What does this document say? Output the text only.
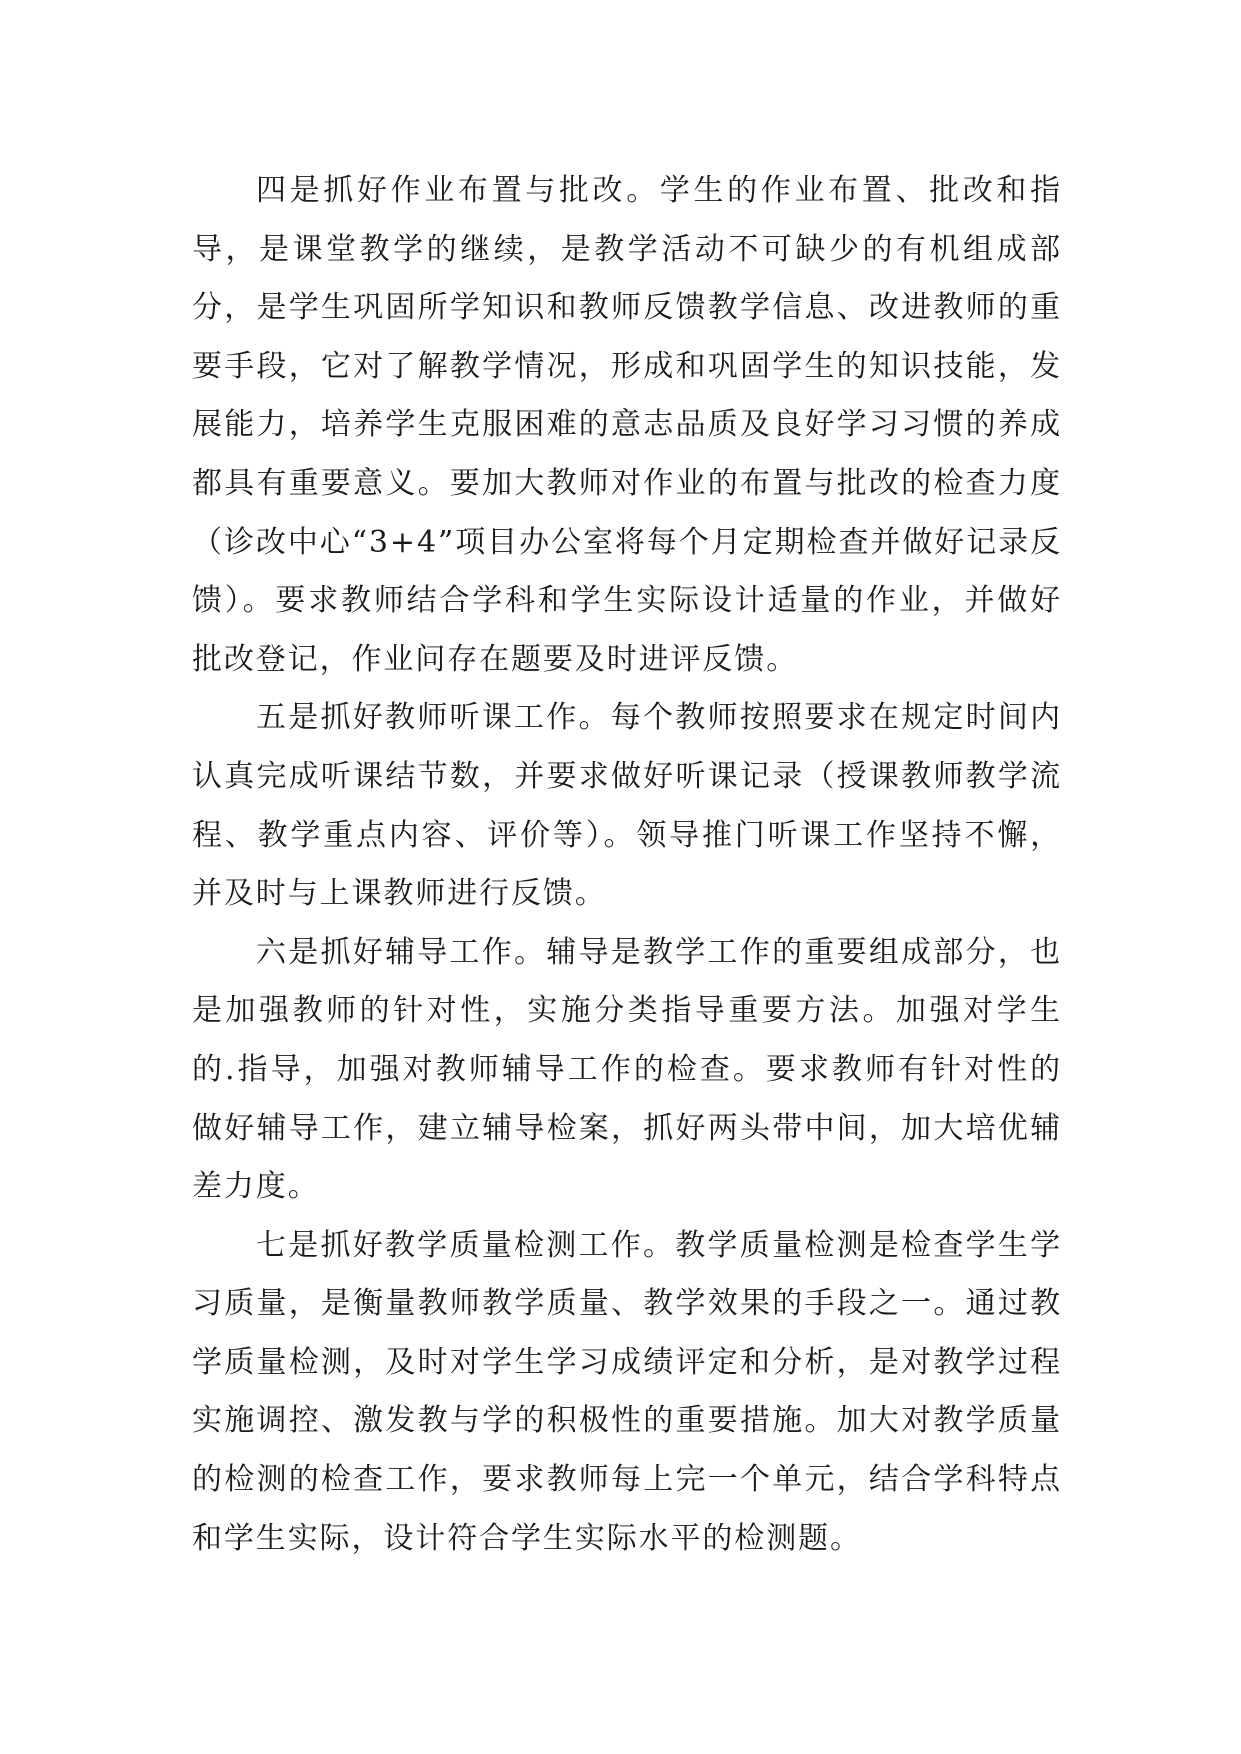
四是抓好作业布置与批改。学生的作业布置、批改和指导，是课堂教学的继续，是教学活动不可缺少的有机组成部分，是学生巩固所学知识和教师反馈教学信息、改进教师的重要手段，它对了解教学情况，形成和巩固学生的知识技能，发展能力，培养学生克服困难的意志品质及良好学习习惯的养成都具有重要意义。要加大教师对作业的布置与批改的检查力度（诊改中心“3+4”项目办公室将每个月定期检查并做好记录反馈）。要求教师结合学科和学生实际设计适量的作业，并做好批改登记，作业问存在题要及时进评反馈。

五是抓好教师听课工作。每个教师按照要求在规定时间内认真完成听课结节数，并要求做好听课记录（授课教师教学流程、教学重点内容、评价等）。领导推门听课工作坚持不懈，并及时与上课教师进行反馈。

六是抓好辅导工作。辅导是教学工作的重要组成部分，也是加强教师的针对性，实施分类指导重要方法。加强对学生的.指导，加强对教师辅导工作的检查。要求教师有针对性的做好辅导工作，建立辅导检案，抓好两头带中间，加大培优辅差力度。

七是抓好教学质量检测工作。教学质量检测是检查学生学习质量，是衡量教师教学质量、教学效果的手段之一。通过教学质量检测，及时对学生学习成绩评定和分析，是对教学过程实施调控、激发教与学的积极性的重要措施。加大对教学质量的检测的检查工作，要求教师每上完一个单元，结合学科特点和学生实际，设计符合学生实际水平的检测题。
